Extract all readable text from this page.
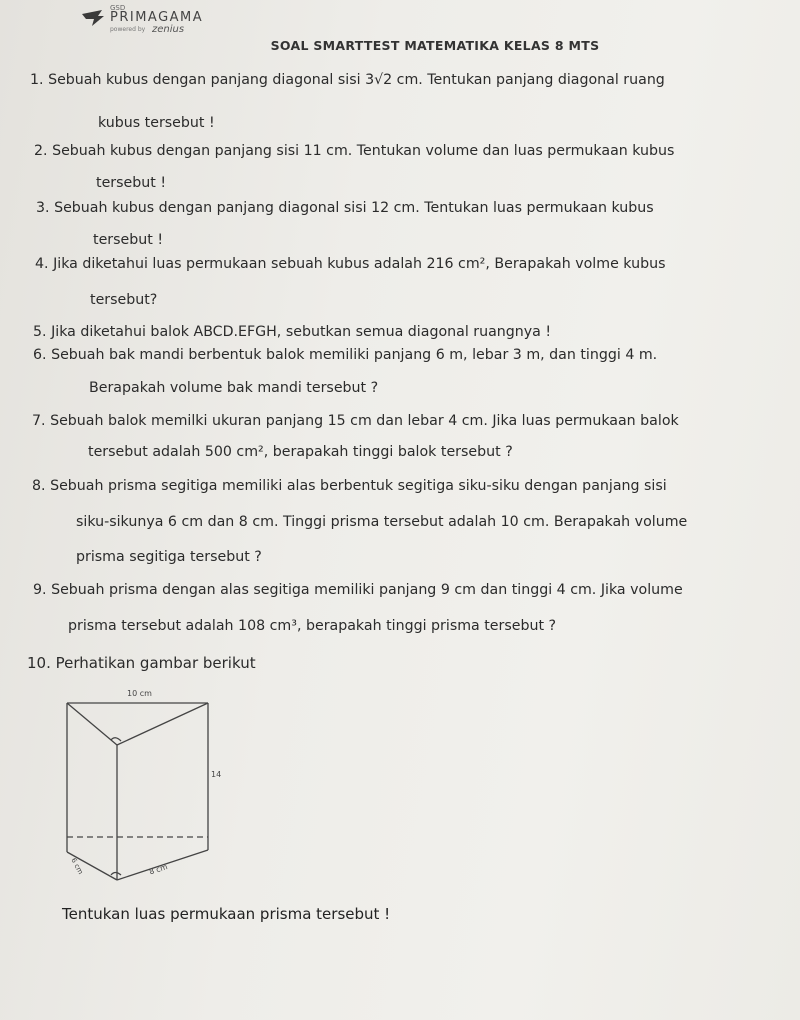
GSD
PRIMAGAMA
powered by zenius
SOAL SMARTTEST MATEMATIKA KELAS 8 MTS
1. Sebuah kubus dengan panjang diagonal sisi 3√2 cm. Tentukan panjang diagonal ruang
kubus tersebut !
2. Sebuah kubus dengan panjang sisi 11 cm. Tentukan volume dan luas permukaan kubus
tersebut !
3. Sebuah kubus dengan panjang diagonal sisi 12 cm. Tentukan luas permukaan kubus
tersebut !
4. Jika diketahui luas permukaan sebuah kubus adalah 216 cm², Berapakah volme kubus
tersebut?
5. Jika diketahui balok ABCD.EFGH, sebutkan semua diagonal ruangnya !
6. Sebuah bak mandi berbentuk balok memiliki panjang 6 m, lebar 3 m, dan tinggi 4 m.
Berapakah volume bak mandi tersebut ?
7. Sebuah balok memilki ukuran panjang 15 cm dan lebar 4 cm. Jika luas permukaan balok
tersebut adalah 500 cm², berapakah tinggi balok tersebut ?
8. Sebuah prisma segitiga memiliki alas berbentuk segitiga siku-siku dengan panjang sisi
siku-sikunya 6 cm dan 8 cm. Tinggi prisma tersebut adalah 10 cm. Berapakah volume
prisma segitiga tersebut ?
9. Sebuah prisma dengan alas segitiga memiliki panjang 9 cm dan tinggi 4 cm. Jika volume
prisma tersebut adalah 108 cm³, berapakah tinggi prisma tersebut ?
10. Perhatikan gambar berikut
10 cm
14
6 cm	8 cm
Tentukan luas permukaan prisma tersebut !
